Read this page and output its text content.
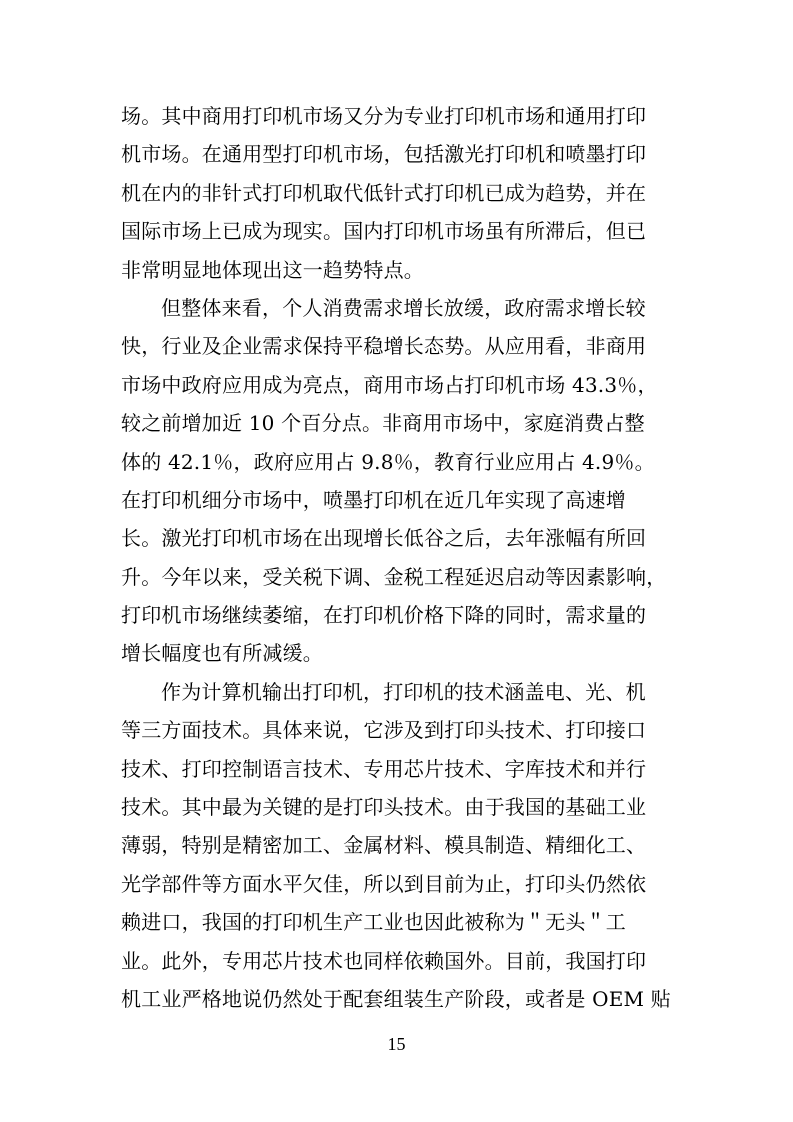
场。其中商用打印机市场又分为专业打印机市场和通用打印
机市场。在通用型打印机市场，包括激光打印机和喷墨打印
机在内的非针式打印机取代低针式打印机已成为趋势，并在
国际市场上已成为现实。国内打印机市场虽有所滞后，但已
非常明显地体现出这一趋势特点。
但整体来看，个人消费需求增长放缓，政府需求增长较
快，行业及企业需求保持平稳增长态势。从应用看，非商用
市场中政府应用成为亮点，商用市场占打印机市场 43.3％，
较之前增加近 10 个百分点。非商用市场中，家庭消费占整
体的 42.1％，政府应用占 9.8％，教育行业应用占 4.9％。
在打印机细分市场中，喷墨打印机在近几年实现了高速增
长。激光打印机市场在出现增长低谷之后，去年涨幅有所回
升。今年以来，受关税下调、金税工程延迟启动等因素影响，
打印机市场继续萎缩，在打印机价格下降的同时，需求量的
增长幅度也有所减缓。
作为计算机输出打印机，打印机的技术涵盖电、光、机
等三方面技术。具体来说，它涉及到打印头技术、打印接口
技术、打印控制语言技术、专用芯片技术、字库技术和并行
技术。其中最为关键的是打印头技术。由于我国的基础工业
薄弱，特别是精密加工、金属材料、模具制造、精细化工、
光学部件等方面水平欠佳，所以到目前为止，打印头仍然依
赖进口，我国的打印机生产工业也因此被称为＂无头＂工
业。此外，专用芯片技术也同样依赖国外。目前，我国打印
机工业严格地说仍然处于配套组装生产阶段，或者是 OEM 贴
15
